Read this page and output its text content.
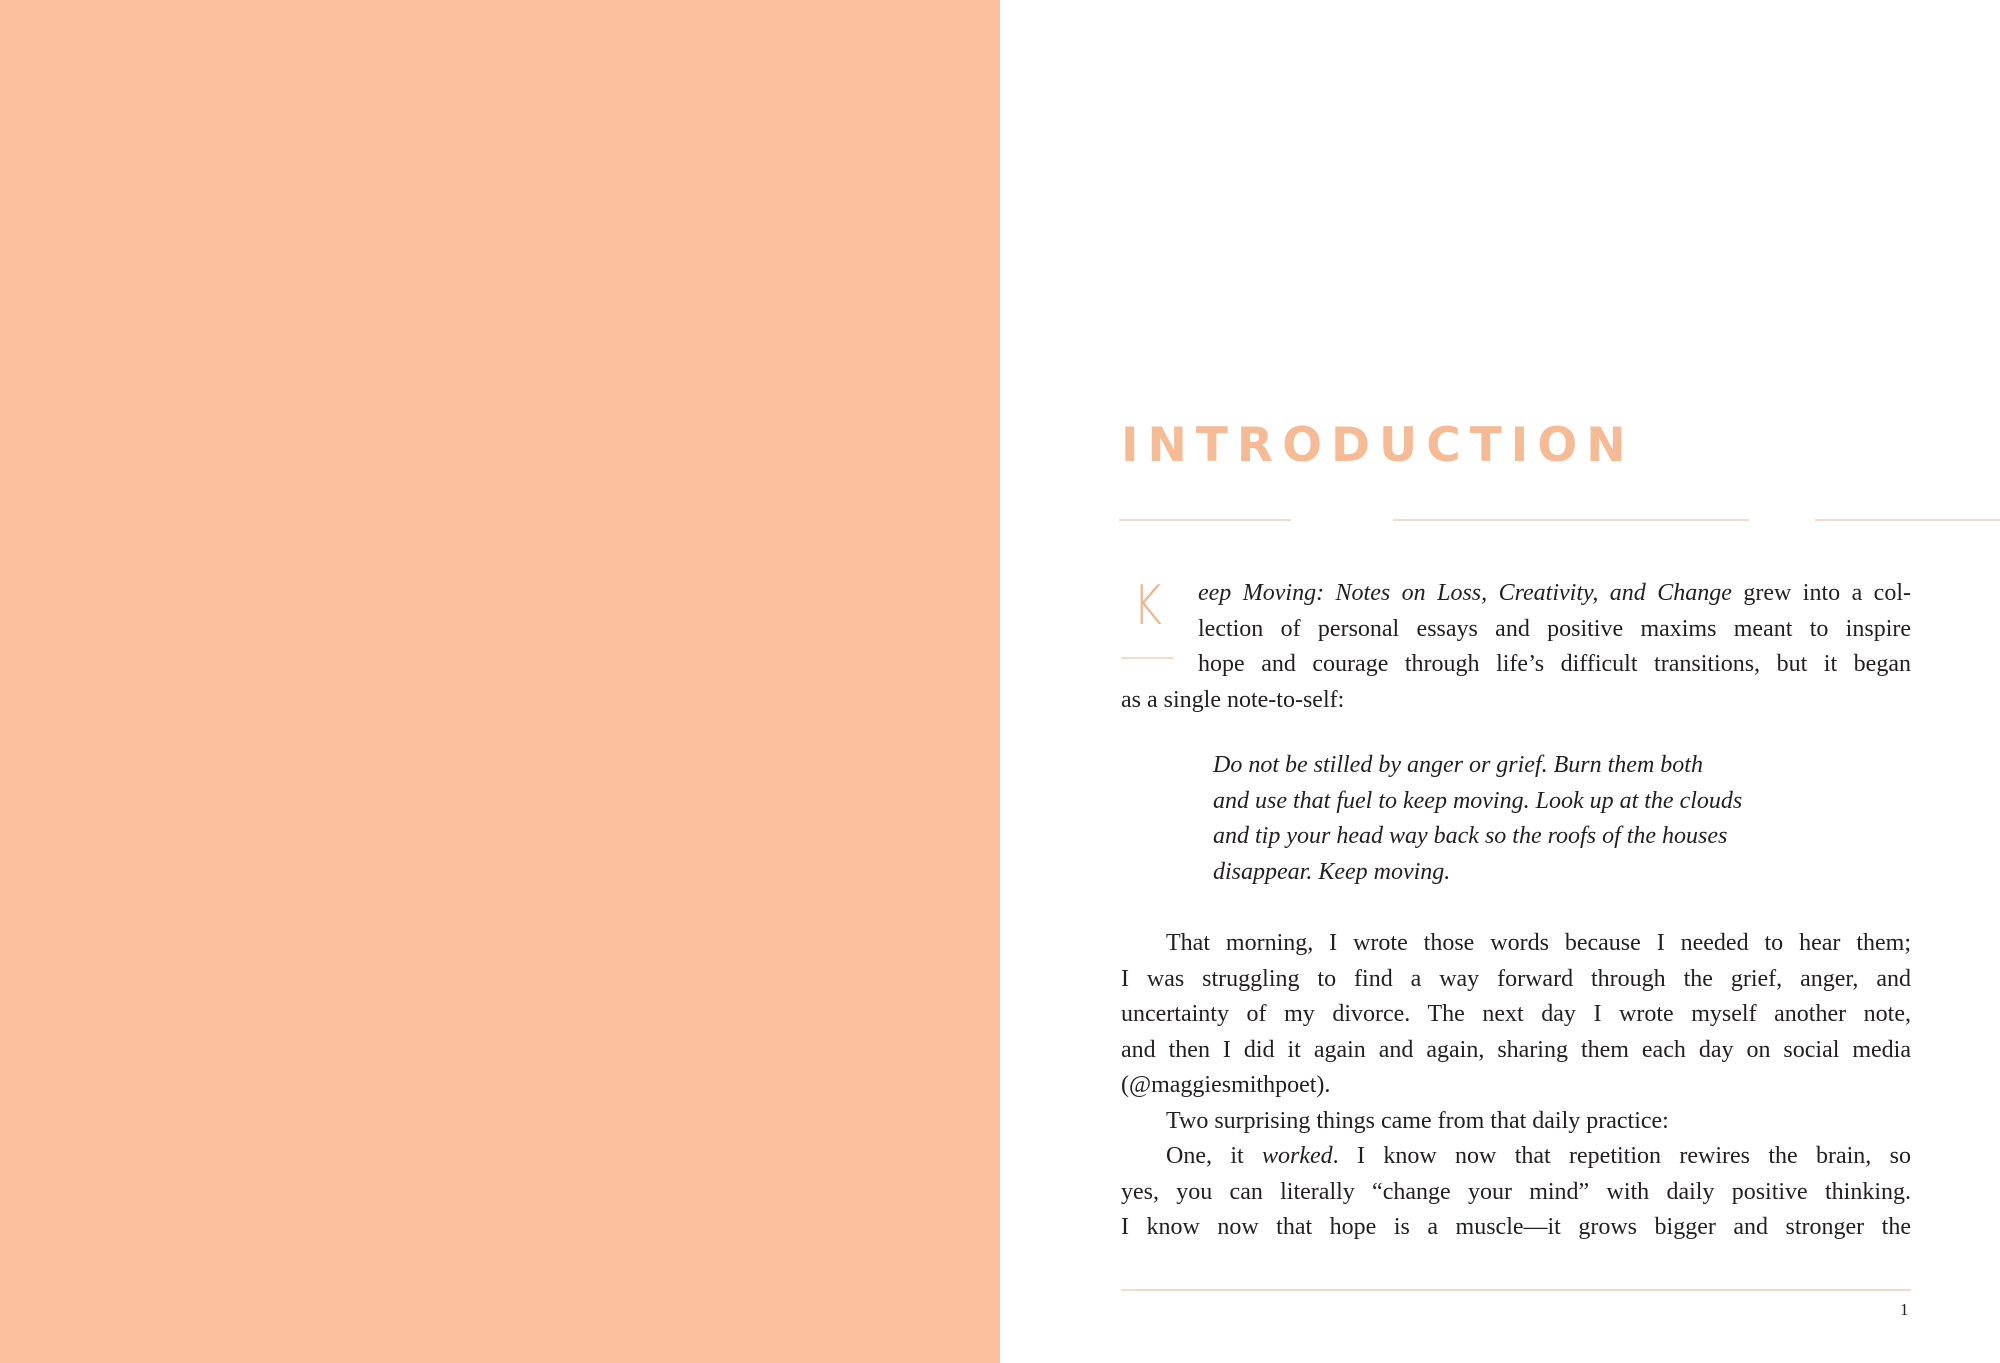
INTRODUCTION
K eep Moving: Notes on Loss, Creativity, and Change grew into a col-
lection of personal essays and positive maxims meant to inspire
hope and courage through life’s difficult transitions, but it began
as a single note-to-self:
Do not be stilled by anger or grief. Burn them both
and use that fuel to keep moving. Look up at the clouds
and tip your head way back so the roofs of the houses
disappear. Keep moving.
That morning, I wrote those words because I needed to hear them;
I was struggling to find a way forward through the grief, anger, and
uncertainty of my divorce. The next day I wrote myself another note,
and then I did it again and again, sharing them each day on social media
(@maggiesmithpoet).
Two surprising things came from that daily practice:
One, it worked. I know now that repetition rewires the brain, so
yes, you can literally “change your mind” with daily positive thinking.
I know now that hope is a muscle—it grows bigger and stronger the
1
